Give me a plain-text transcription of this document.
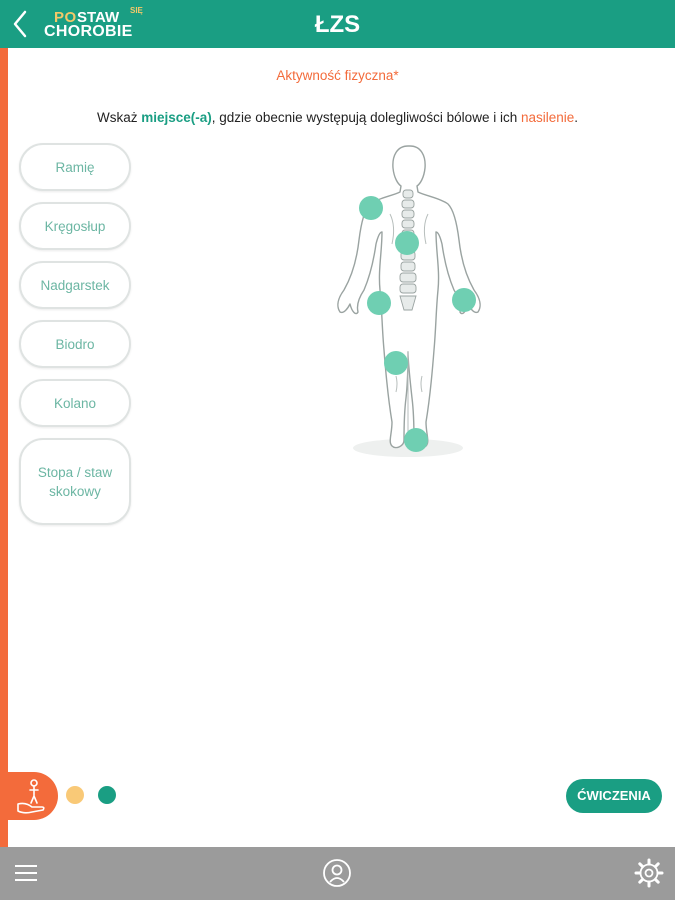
PO STAW SIĘ
CHOROBIE	ŁZS
Aktywność fizyczna*
Wskaż miejsce(-a), gdzie obecnie występują dolegliwości bólowe i ich nasilenie.
Ramię
Kręgosłup
Nadgarstek
Biodro
Kolano
Stopa / staw skokowy
ĆWICZENIA
